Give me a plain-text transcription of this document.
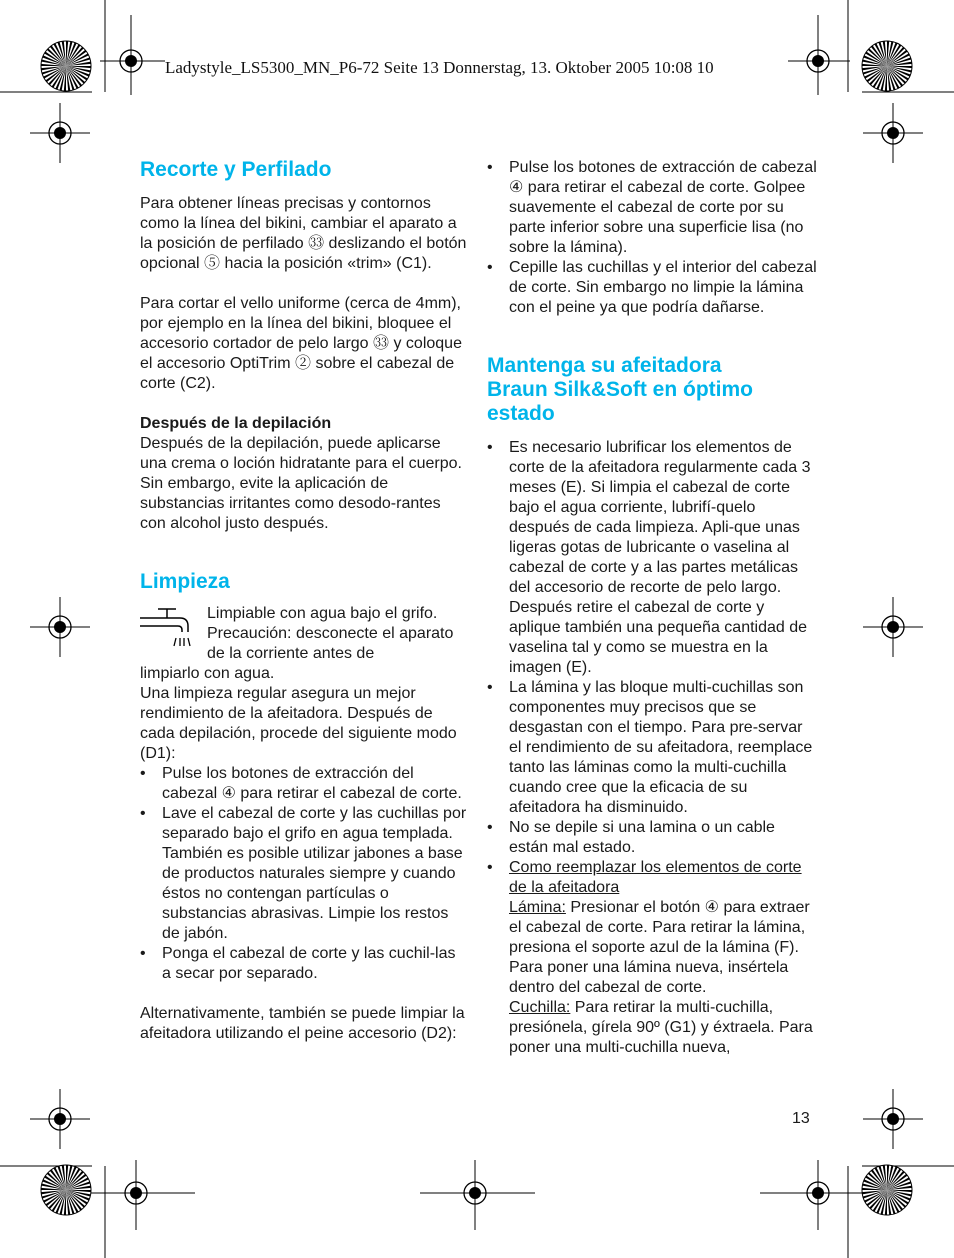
Ladystyle_LS5300_MN_P6-72 Seite 13 Donnerstag, 13. Oktober 2005 10:08 10
Recorte y Perfilado

Para obtener líneas precisas y contornos como la línea del bikini, cambiar el aparato a la posición de perfilado ㉝ deslizando el botón opcional ⑤ hacia la posición «trim» (C1).

Para cortar el vello uniforme (cerca de 4mm), por ejemplo en la línea del bikini, bloquee el accesorio cortador de pelo largo ㉝ y coloque el accesorio OptiTrim ② sobre el cabezal de corte (C2).

Después de la depilación

Después de la depilación, puede aplicarse una crema o loción hidratante para el cuerpo. Sin embargo, evite la aplicación de substancias irritantes como desodo-rantes con alcohol justo después.

Limpieza

Limpiable con agua bajo el grifo. Precaución: desconecte el aparato de la corriente antes de

limpiarlo con agua.

Una limpieza regular asegura un mejor rendimiento de la afeitadora. Después de cada depilación, procede del siguiente modo (D1):

• Pulse los botones de extracción del cabezal ④ para retirar el cabezal de corte.
• Lave el cabezal de corte y las cuchillas por separado bajo el grifo en agua templada. También es posible utilizar jabones a base de productos naturales siempre y cuando éstos no contengan partículas o substancias abrasivas. Limpie los restos de jabón.
• Ponga el cabezal de corte y las cuchil-las a secar por separado.

Alternativamente, también se puede limpiar la afeitadora utilizando el peine accesorio (D2):

• Pulse los botones de extracción de cabezal ④ para retirar el cabezal de corte. Golpee suavemente el cabezal de corte por su parte inferior sobre una superficie lisa (no sobre la lámina).
• Cepille las cuchillas y el interior del cabezal de corte. Sin embargo no limpie la lámina con el peine ya que podría dañarse.
Mantenga su afeitadora Braun Silk&Soft en óptimo estado
• Es necesario lubrificar los elementos de corte de la afeitadora regularmente cada 3 meses (E). Si limpia el cabezal de corte bajo el agua corriente, lubrifí-quelo después de cada limpieza. Apli-que unas ligeras gotas de lubricante o vaselina al cabezal de corte y a las partes metálicas del accesorio de recorte de pelo largo. Después retire el cabezal de corte y aplique también una pequeña cantidad de vaselina tal y como se muestra en la imagen (E).
• La lámina y las bloque multi-cuchillas son componentes muy precisos que se desgastan con el tiempo. Para pre-servar el rendimiento de su afeitadora, reemplace tanto las láminas como la multi-cuchilla cuando cree que la eficacia de su afeitadora ha disminuido.
• No se depile si una lamina o un cable están mal estado.
• Como reemplazar los elementos de corte de la afeitadora
Lámina: Presionar el botón ④ para extraer el cabezal de corte. Para retirar la lámina, presiona el soporte azul de la lámina (F). Para poner una lámina nueva, insértela dentro del cabezal de corte.
Cuchilla: Para retirar la multi-cuchilla, presiónela, gírela 90º (G1) y éxtraela. Para poner una multi-cuchilla nueva,
13
